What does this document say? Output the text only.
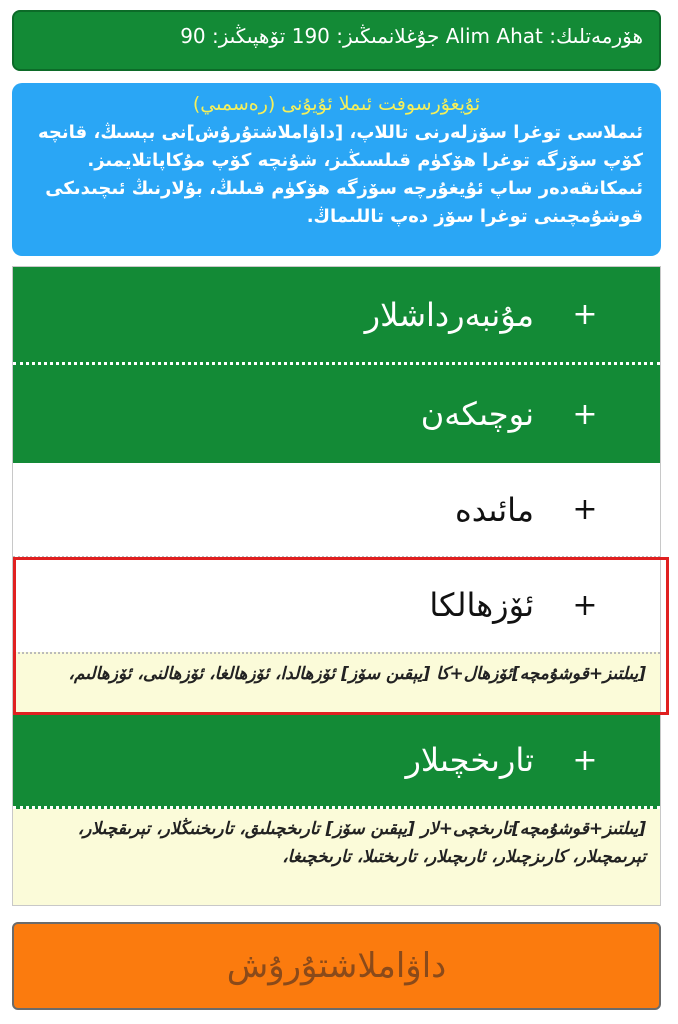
هۆرمەتلىك: Alim Ahat جۇغلانمىڭىز: 190 تۆھپىڭىز: 90
ئۇيغۇرسوفت ئىملا ئۇيۇنى (رەسمىي)
ئىملاسى توغرا سۆزلەرنى تاللاپ، [داۋاملاشتۇرۇش]نى بېسىڭ، قانچە كۆپ سۆزگە توغرا ھۆكۈم قىلسىڭىز، شۇنچە كۆپ مۇكاپاتلايمىز. ئىمكانقەدەر ساپ ئۇيغۇرچە سۆزگە ھۆكۈم قىلىڭ، بۇلارنىڭ ئىچىدىكى قوشۇمچىنى توغرا سۆز دەپ تاللىماڭ.
+
مۇنبەرداشلار
+
نوچىكەن
+
مائىدە
+
ئۆزھالكا
[يىلتىز+قوشۇمچە]ئۆزھال+كا [يېقىن سۆز] ئۆزھالدا، ئۆزھالغا، ئۆزھالنى، ئۆزھالىم،
+
تارىخچىلار
[يىلتىز+قوشۇمچە]تارىخچى+لار [يېقىن سۆز] تارىخچىلىق، تارىخنىڭلار، تېرىقچىلار، تېرىمچىلار، كارىزچىلار، ئارىچىلار، تارىختىلا، تارىخچىغا،
داۋاملاشتۇرۇش
